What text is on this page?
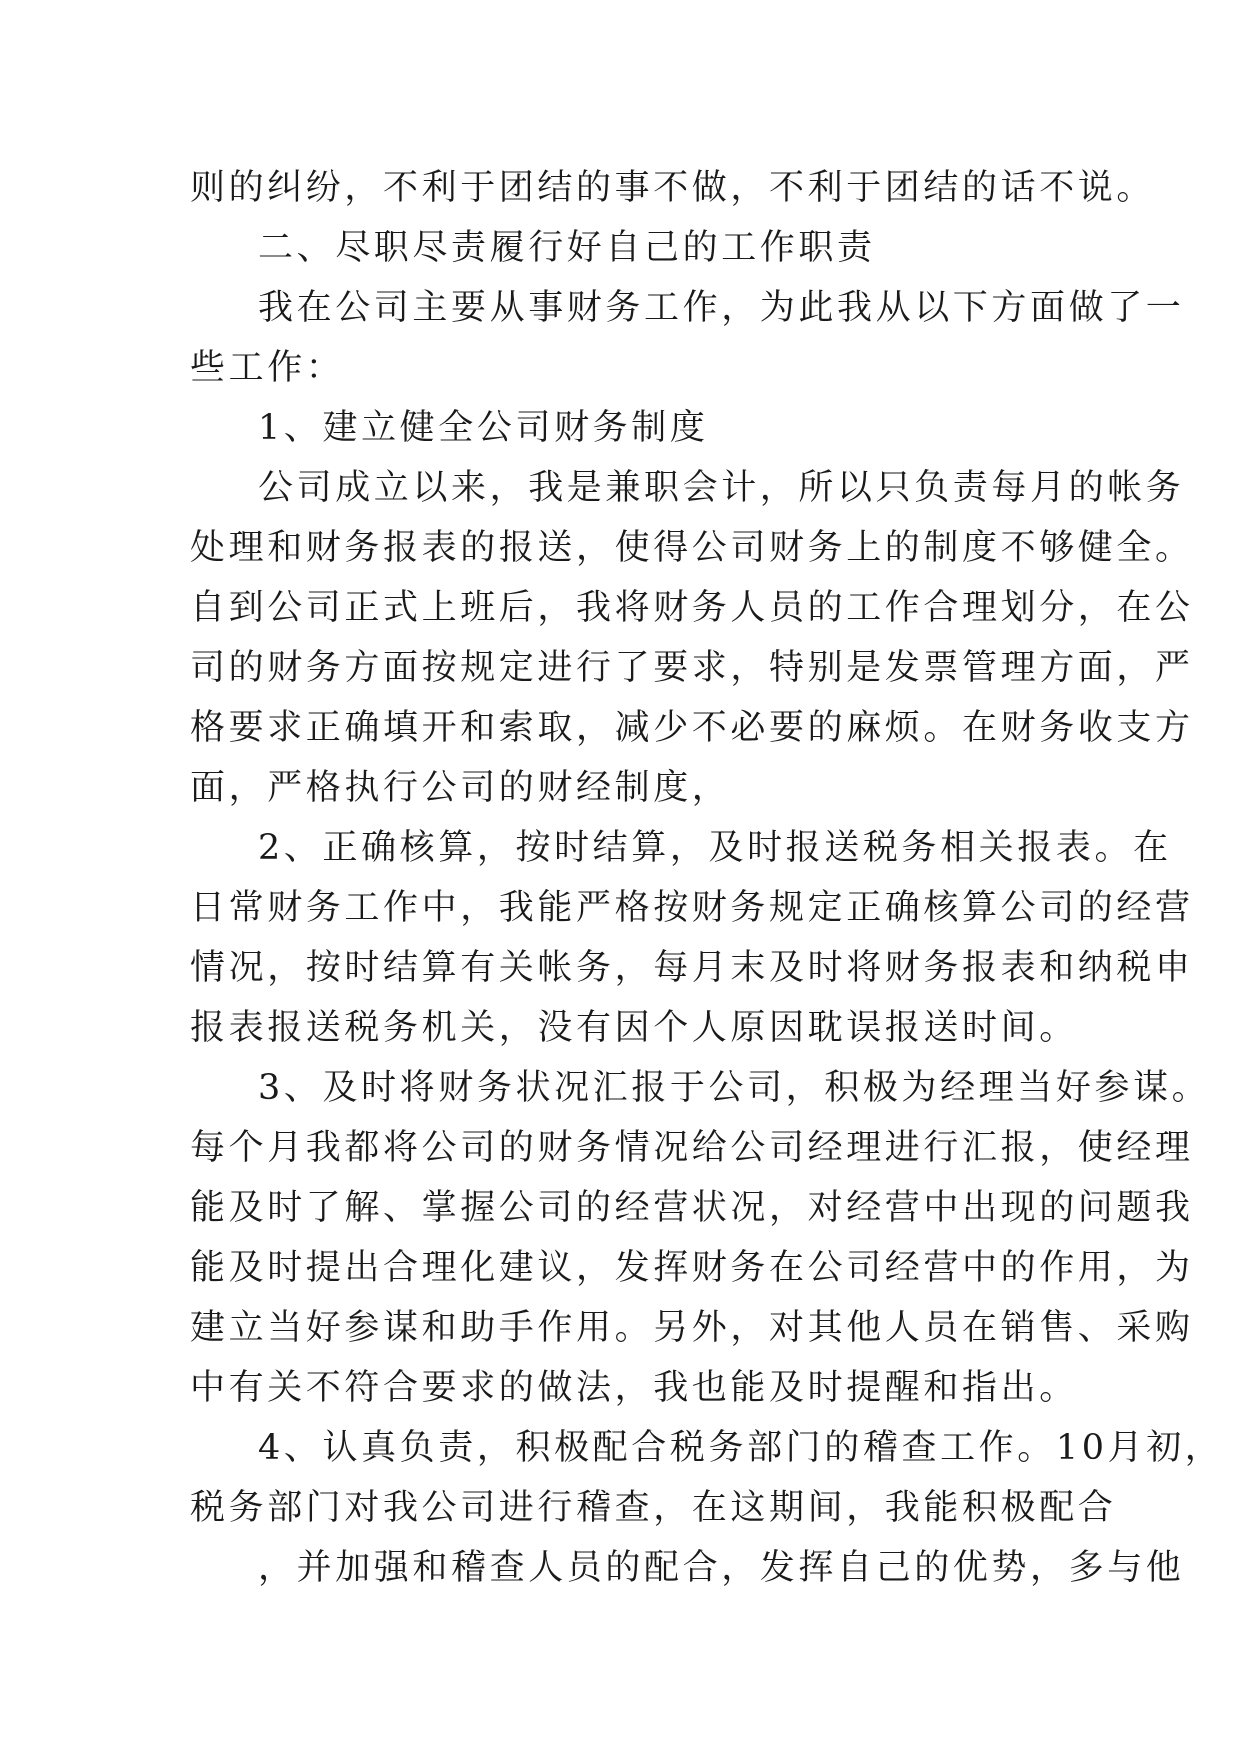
则的纠纷，不利于团结的事不做，不利于团结的话不说。
二、尽职尽责履行好自己的工作职责
我在公司主要从事财务工作，为此我从以下方面做了一
些工作：
1、建立健全公司财务制度
公司成立以来，我是兼职会计，所以只负责每月的帐务
处理和财务报表的报送，使得公司财务上的制度不够健全。
自到公司正式上班后，我将财务人员的工作合理划分，在公
司的财务方面按规定进行了要求，特别是发票管理方面，严
格要求正确填开和索取，减少不必要的麻烦。在财务收支方
面，严格执行公司的财经制度，
2、正确核算，按时结算，及时报送税务相关报表。在
日常财务工作中，我能严格按财务规定正确核算公司的经营
情况，按时结算有关帐务，每月末及时将财务报表和纳税申
报表报送税务机关，没有因个人原因耽误报送时间。
3、及时将财务状况汇报于公司，积极为经理当好参谋。
每个月我都将公司的财务情况给公司经理进行汇报，使经理
能及时了解、掌握公司的经营状况，对经营中出现的问题我
能及时提出合理化建议，发挥财务在公司经营中的作用，为
建立当好参谋和助手作用。另外，对其他人员在销售、采购
中有关不符合要求的做法，我也能及时提醒和指出。
4、认真负责，积极配合税务部门的稽查工作。10月初，
税务部门对我公司进行稽查，在这期间，我能积极配合
，并加强和稽查人员的配合，发挥自己的优势，多与他
